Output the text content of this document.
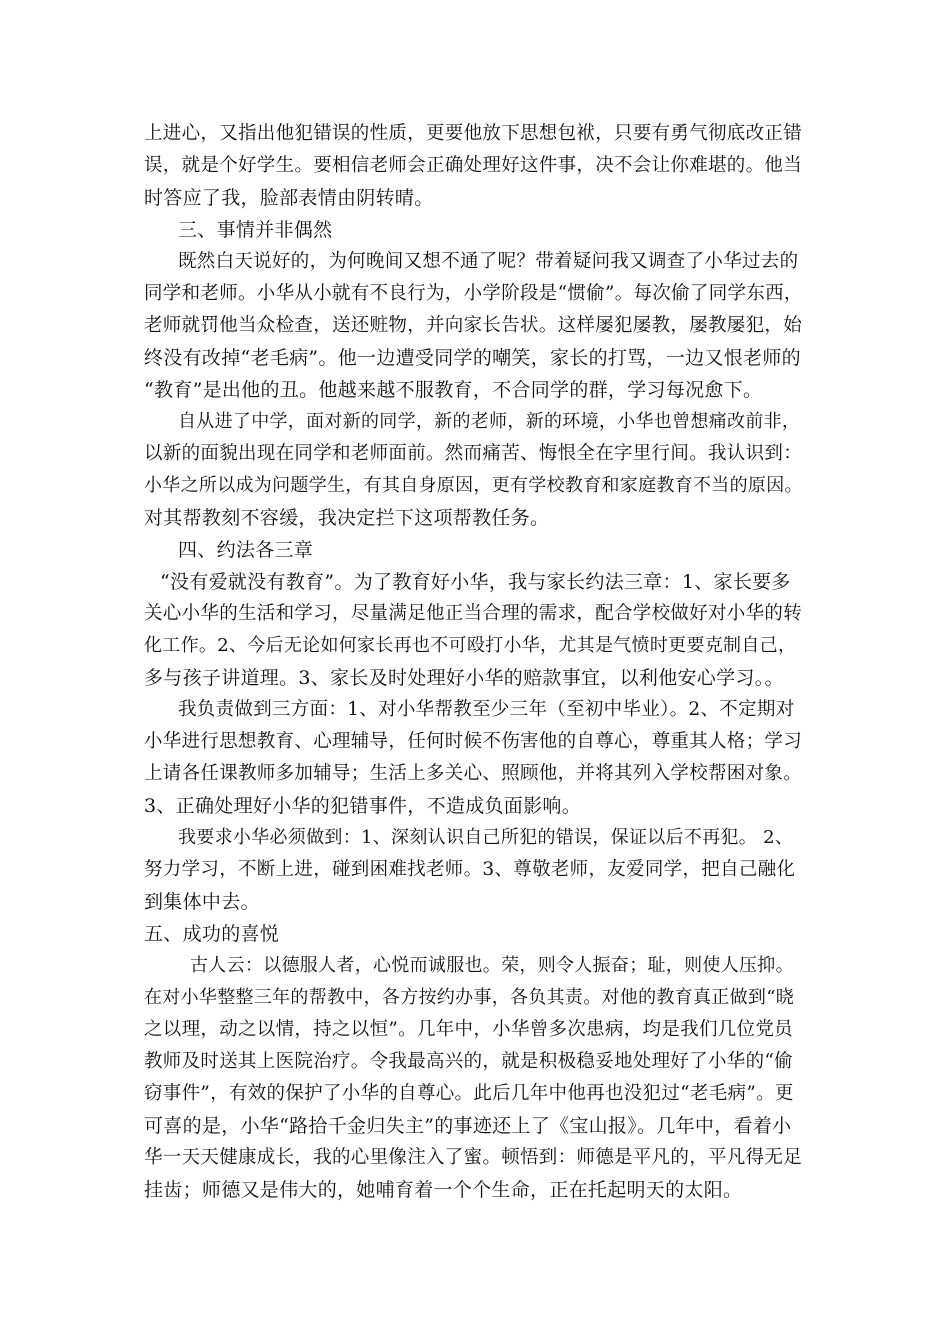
上进心，又指出他犯错误的性质，更要他放下思想包袱，只要有勇气彻底改正错
误，就是个好学生。要相信老师会正确处理好这件事，决不会让你难堪的。他当
时答应了我，脸部表情由阴转晴。
三、事情并非偶然
既然白天说好的，为何晚间又想不通了呢？带着疑问我又调查了小华过去的
同学和老师。小华从小就有不良行为，小学阶段是“惯偷”。每次偷了同学东西，
老师就罚他当众检查，送还赃物，并向家长告状。这样屡犯屡教，屡教屡犯，始
终没有改掉“老毛病”。他一边遭受同学的嘲笑，家长的打骂，一边又恨老师的
“教育”是出他的丑。他越来越不服教育，不合同学的群，学习每况愈下。
自从进了中学，面对新的同学，新的老师，新的环境，小华也曾想痛改前非，
以新的面貌出现在同学和老师面前。然而痛苦、悔恨全在字里行间。我认识到：
小华之所以成为问题学生，有其自身原因，更有学校教育和家庭教育不当的原因。
对其帮教刻不容缓，我决定拦下这项帮教任务。
四、约法各三章
“没有爱就没有教育”。为了教育好小华，我与家长约法三章：1、家长要多
关心小华的生活和学习，尽量满足他正当合理的需求，配合学校做好对小华的转
化工作。2、今后无论如何家长再也不可殴打小华，尤其是气愤时更要克制自己，
多与孩子讲道理。3、家长及时处理好小华的赔款事宜，以利他安心学习。。
我负责做到三方面：1、对小华帮教至少三年（至初中毕业）。2、不定期对
小华进行思想教育、心理辅导，任何时候不伤害他的自尊心，尊重其人格；学习
上请各任课教师多加辅导；生活上多关心、照顾他，并将其列入学校帮困对象。
3、正确处理好小华的犯错事件，不造成负面影响。
我要求小华必须做到：1、深刻认识自己所犯的错误，保证以后不再犯。 2、
努力学习，不断上进，碰到困难找老师。3、尊敬老师，友爱同学，把自己融化
到集体中去。
五、成功的喜悦
古人云：以德服人者，心悦而诚服也。荣，则令人振奋；耻，则使人压抑。
在对小华整整三年的帮教中，各方按约办事，各负其责。对他的教育真正做到“晓
之以理，动之以情，持之以恒”。几年中，小华曾多次患病，均是我们几位党员
教师及时送其上医院治疗。令我最高兴的，就是积极稳妥地处理好了小华的“偷
窃事件”，有效的保护了小华的自尊心。此后几年中他再也没犯过“老毛病”。更
可喜的是，小华“路拾千金归失主”的事迹还上了《宝山报》。几年中，看着小
华一天天健康成长，我的心里像注入了蜜。顿悟到：师德是平凡的，平凡得无足
挂齿；师德又是伟大的，她哺育着一个个生命，正在托起明天的太阳。
